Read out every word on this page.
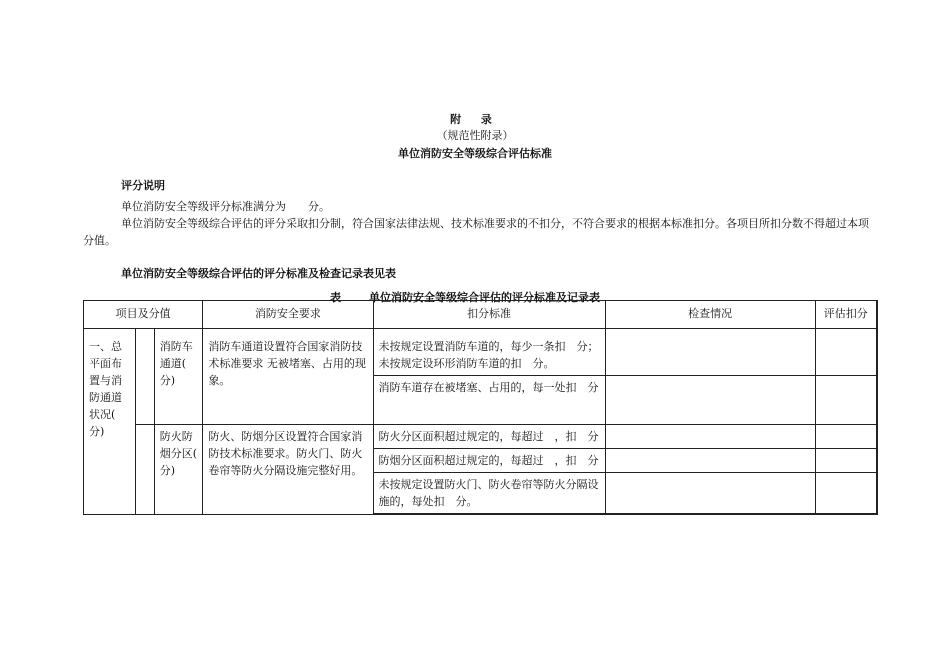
附 录
（规范性附录）
单位消防安全等级综合评估标准
评分说明
单位消防安全等级评分标准满分为　　分。
单位消防安全等级综合评估的评分采取扣分制，符合国家法律法规、技术标准要求的不扣分，不符合要求的根据本标准扣分。各项目所扣分数不得超过本项分值。
单位消防安全等级综合评估的评分标准及检查记录表见表
表	单位消防安全等级综合评估的评分标准及记录表
项目及分值			消防安全要求	扣分标准	检查情况	评估扣分

一、总平面布置与消防通道状况(　分)		消防车通道(　分)	消防车通道设置符合国家消防技术标准要求 无被堵塞、占用的现象。	未按规定设置消防车道的，每少一条扣　分；未按规定设环形消防车道的扣　分。		
				消防车道存在被堵塞、占用的，每一处扣　分		
		防火防烟分区(　分)	防火、防烟分区设置符合国家消防技术标准要求。防火门、防火卷帘等防火分隔设施完整好用。	防火分区面积超过规定的，每超过　，扣　分		
				防烟分区面积超过规定的，每超过　，扣　分		
				未按规定设置防火门、防火卷帘等防火分隔设施的，每处扣　分。		
